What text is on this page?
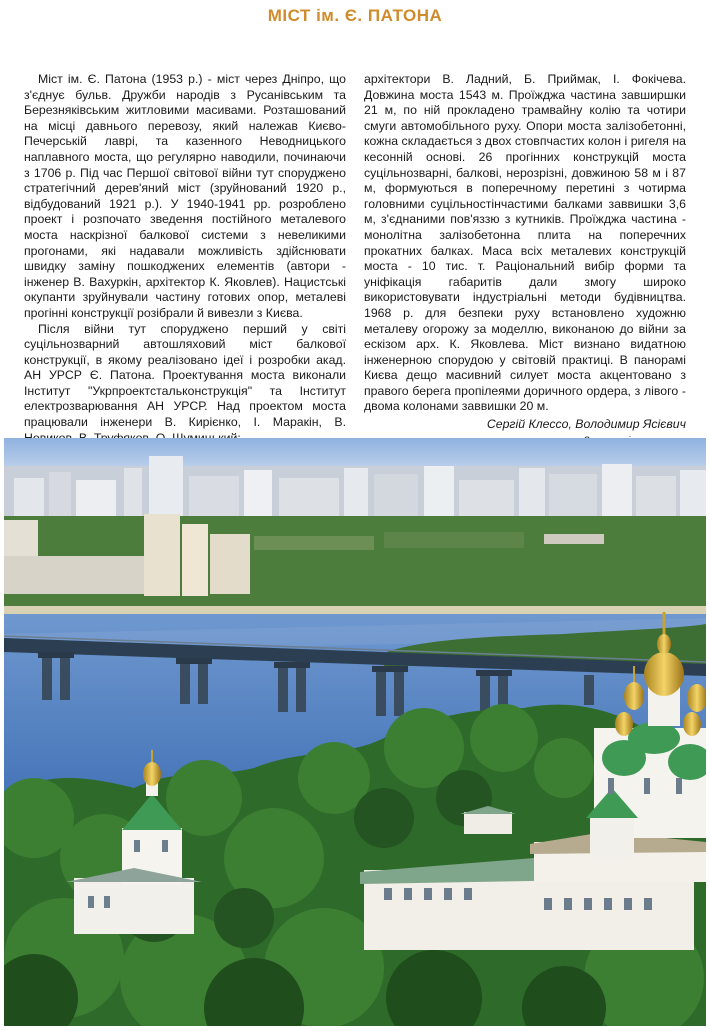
МІСТ ім. Є. ПАТОНА

Міст ім. Є. Патона (1953 р.) - міст через Дніпро, що з'єднує бульв. Дружби народів з Русанівським та Березняківським житловими масивами. Розташований на місці давнього перевозу, який належав Києво-Печерській лаврі, та казенного Неводницького наплавного моста, що регулярно наводили, починаючи з 1706 р. Під час Першої світової війни тут споруджено стратегічний дерев'яний міст (зруйнований 1920 р., відбудований 1921 р.). У 1940-1941 рр. розроблено проект і розпочато зведення постійного металевого моста наскрізної балкової системи з невеликими прогонами, які надавали можливість здійснювати швидку заміну пошкоджених елементів (автори - інженер В. Вахуркін, архітектор К. Яковлев). Нацистські окупанти зруйнували частину готових опор, металеві прогінні конструкції розібрали й вивезли з Києва.

Після війни тут споруджено перший у світі суцільнозварний автошляховий міст балкової конструкції, в якому реалізовано ідеї і розробки акад. АН УРСР Є. Патона. Проектування моста виконали Інститут "Укрпроектстальконструкція" та Інститут електрозварювання АН УРСР. Над проектом моста працювали інженери В. Кирієнко, І. Маракін, В.

архітектори В. Ладний, Б. Приймак, І. Фокічева. Довжина моста 1543 м. Проїжджа частина завширшки 21 м, по ній прокладено трамвайну колію та чотири смуги автомобільного руху. Опори моста залізобетонні, кожна складається з двох стовпчастих колон і ригеля на кесонній основі. 26 прогінних конструкцій моста суцільнозварні, балкові, нерозрізні, довжиною 58 м і 87 м, формуються в поперечному перетині з чотирма головними суцільностінчастими балками заввишки 3,6 м, з'єднаними пов'яззю з кутників. Проїжджа частина - монолітна залізобетонна плита на поперечних прокатних балках. Маса всіх металевих конструкцій моста - 10 тис. т. Раціональний вибір форми та уніфікація габаритів дали змогу широко використовувати індустріальні методи будівництва. 1968 р. для безпеки руху встановлено художню металеву огорожу за моделлю, виконаною до війни за ескізом арх. К. Яковлева. Міст визнано видатною інженерною спорудою у світовій практиці. В панорамі Києва дещо масивний силует моста акцентовано з правого берега пропілеями доричного ордера, з лівого - двома колонами заввишки 20 м.

Сергій Клесcо, Володимир Ясієвич
